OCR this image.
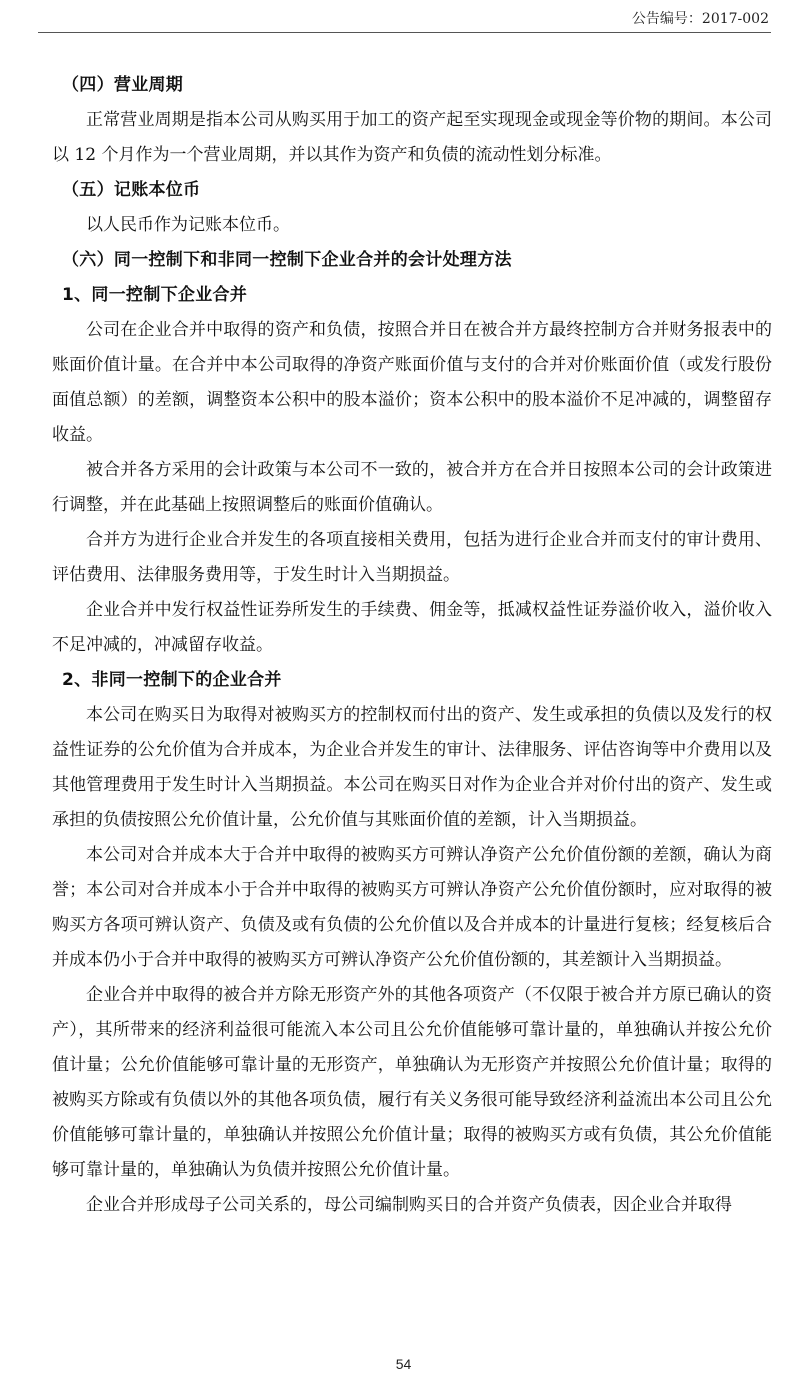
公告编号：2017-002
（四）营业周期

正常营业周期是指本公司从购买用于加工的资产起至实现现金或现金等价物的期间。本公司以 12 个月作为一个营业周期，并以其作为资产和负债的流动性划分标准。

（五）记账本位币

以人民币作为记账本位币。

（六）同一控制下和非同一控制下企业合并的会计处理方法
1、同一控制下企业合并

公司在企业合并中取得的资产和负债，按照合并日在被合并方最终控制方合并财务报表中的账面价值计量。在合并中本公司取得的净资产账面价值与支付的合并对价账面价值（或发行股份面值总额）的差额，调整资本公积中的股本溢价；资本公积中的股本溢价不足冲减的，调整留存收益。

被合并各方采用的会计政策与本公司不一致的，被合并方在合并日按照本公司的会计政策进行调整，并在此基础上按照调整后的账面价值确认。

合并方为进行企业合并发生的各项直接相关费用，包括为进行企业合并而支付的审计费用、评估费用、法律服务费用等，于发生时计入当期损益。

企业合并中发行权益性证券所发生的手续费、佣金等，抵减权益性证券溢价收入，溢价收入不足冲减的，冲减留存收益。

2、非同一控制下的企业合并

本公司在购买日为取得对被购买方的控制权而付出的资产、发生或承担的负债以及发行的权益性证券的公允价值为合并成本，为企业合并发生的审计、法律服务、评估咨询等中介费用以及其他管理费用于发生时计入当期损益。本公司在购买日对作为企业合并对价付出的资产、发生或承担的负债按照公允价值计量，公允价值与其账面价值的差额，计入当期损益。

本公司对合并成本大于合并中取得的被购买方可辨认净资产公允价值份额的差额，确认为商誉；本公司对合并成本小于合并中取得的被购买方可辨认净资产公允价值份额时，应对取得的被购买方各项可辨认资产、负债及或有负债的公允价值以及合并成本的计量进行复核；经复核后合并成本仍小于合并中取得的被购买方可辨认净资产公允价值份额的，其差额计入当期损益。

企业合并中取得的被合并方除无形资产外的其他各项资产（不仅限于被合并方原已确认的资产），其所带来的经济利益很可能流入本公司且公允价值能够可靠计量的，单独确认并按公允价值计量；公允价值能够可靠计量的无形资产，单独确认为无形资产并按照公允价值计量；取得的被购买方除或有负债以外的其他各项负债，履行有关义务很可能导致经济利益流出本公司且公允价值能够可靠计量的，单独确认并按照公允价值计量；取得的被购买方或有负债，其公允价值能够可靠计量的，单独确认为负债并按照公允价值计量。

企业合并形成母子公司关系的，母公司编制购买日的合并资产负债表，因企业合并取得

54
